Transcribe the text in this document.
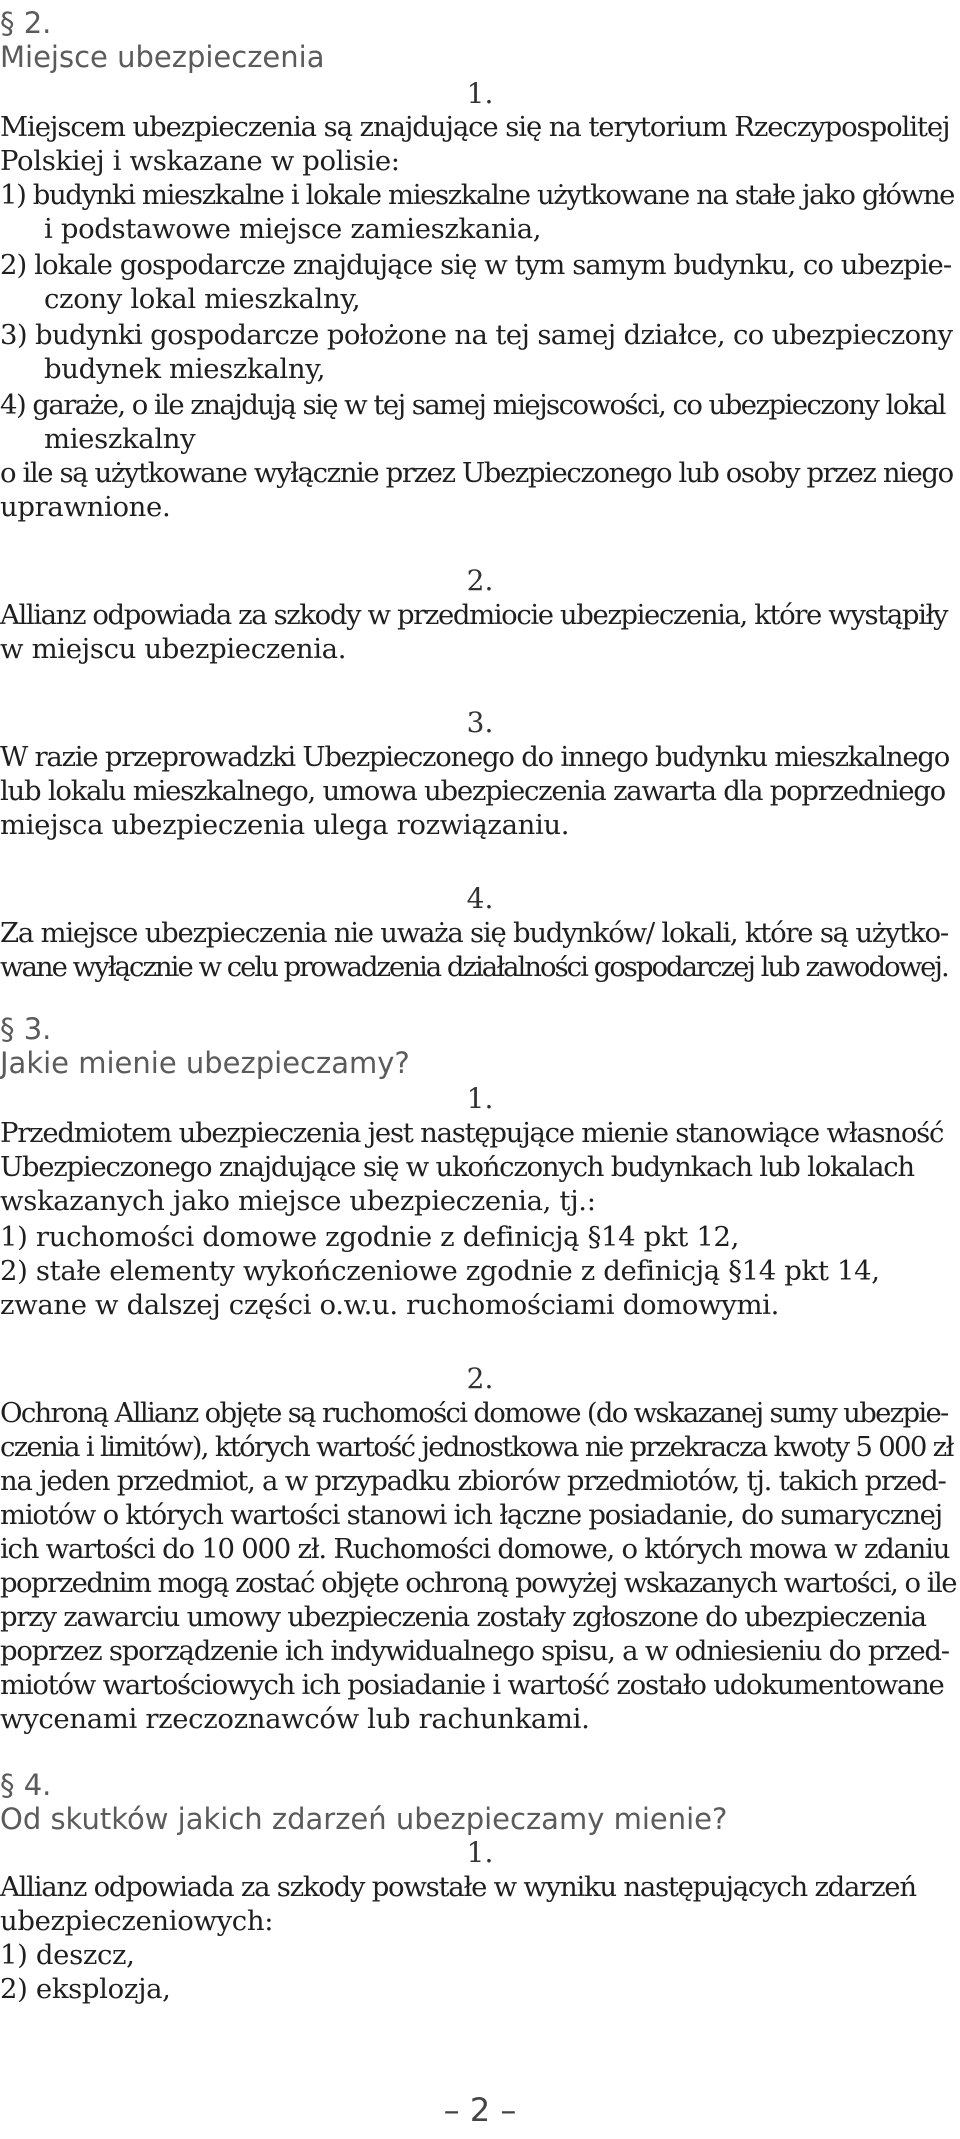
§ 2.
Miejsce ubezpieczenia
1.
Miejscem ubezpieczenia są znajdujące się na terytorium Rzeczypospolitej
Polskiej i wskazane w polisie:
1) budynki mieszkalne i lokale mieszkalne użytkowane na stałe jako główne
i podstawowe miejsce zamieszkania,
2) lokale gospodarcze znajdujące się w tym samym budynku, co ubezpie-
czony lokal mieszkalny,
3) budynki gospodarcze położone na tej samej działce, co ubezpieczony
budynek mieszkalny,
4) garaże, o ile znajdują się w tej samej miejscowości, co ubezpieczony lokal
mieszkalny
o ile są użytkowane wyłącznie przez Ubezpieczonego lub osoby przez niego
uprawnione.
2.
Allianz odpowiada za szkody w przedmiocie ubezpieczenia, które wystąpiły
w miejscu ubezpieczenia.
3.
W razie przeprowadzki Ubezpieczonego do innego budynku mieszkalnego
lub lokalu mieszkalnego, umowa ubezpieczenia zawarta dla poprzedniego
miejsca ubezpieczenia ulega rozwiązaniu.
4.
Za miejsce ubezpieczenia nie uważa się budynków/ lokali, które są użytko-
wane wyłącznie w celu prowadzenia działalności gospodarczej lub zawodowej.
§ 3.
Jakie mienie ubezpieczamy?
1.
Przedmiotem ubezpieczenia jest następujące mienie stanowiące własność
Ubezpieczonego znajdujące się w ukończonych budynkach lub lokalach
wskazanych jako miejsce ubezpieczenia, tj.:
1) ruchomości domowe zgodnie z definicją §14 pkt 12,
2) stałe elementy wykończeniowe zgodnie z definicją §14 pkt 14,
zwane w dalszej części o.w.u. ruchomościami domowymi.
2.
Ochroną Allianz objęte są ruchomości domowe (do wskazanej sumy ubezpie-
czenia i limitów), których wartość jednostkowa nie przekracza kwoty 5 000 zł
na jeden przedmiot, a w przypadku zbiorów przedmiotów, tj. takich przed-
miotów o których wartości stanowi ich łączne posiadanie, do sumarycznej
ich wartości do 10 000 zł. Ruchomości domowe, o których mowa w zdaniu
poprzednim mogą zostać objęte ochroną powyżej wskazanych wartości, o ile
przy zawarciu umowy ubezpieczenia zostały zgłoszone do ubezpieczenia
poprzez sporządzenie ich indywidualnego spisu, a w odniesieniu do przed-
miotów wartościowych ich posiadanie i wartość zostało udokumentowane
wycenami rzeczoznawców lub rachunkami.
§ 4.
Od skutków jakich zdarzeń ubezpieczamy mienie?
1.
Allianz odpowiada za szkody powstałe w wyniku następujących zdarzeń
ubezpieczeniowych:
1) deszcz,
2) eksplozja,
– 2 –
